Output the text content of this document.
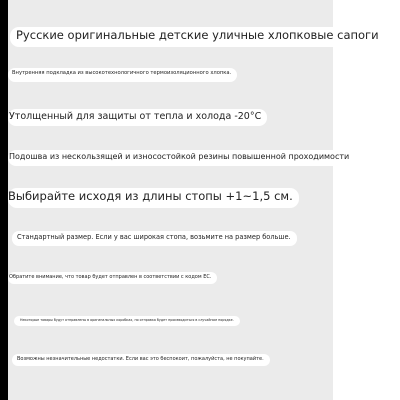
Русские оригинальные детские уличные хлопковые сапоги
Внутренняя подкладка из высокотехнологичного термоизоляционного хлопка.
Утолщенный для защиты от тепла и холода -20°C
Подошва из нескользящей и износостойкой резины повышенной проходимости
Выбирайте исходя из длины стопы +1~1,5 см.
Стандартный размер. Если у вас широкая стопа, возьмите на размер больше.
Обратите внимание, что товар будет отправлен в соответствии с кодом ЕС.
Некоторые товары будут отправлены в оригинальных коробках, но отправка будет производиться в случайном порядке.
Возможны незначительные недостатки. Если вас это беспокоит, пожалуйста, не покупайте.
